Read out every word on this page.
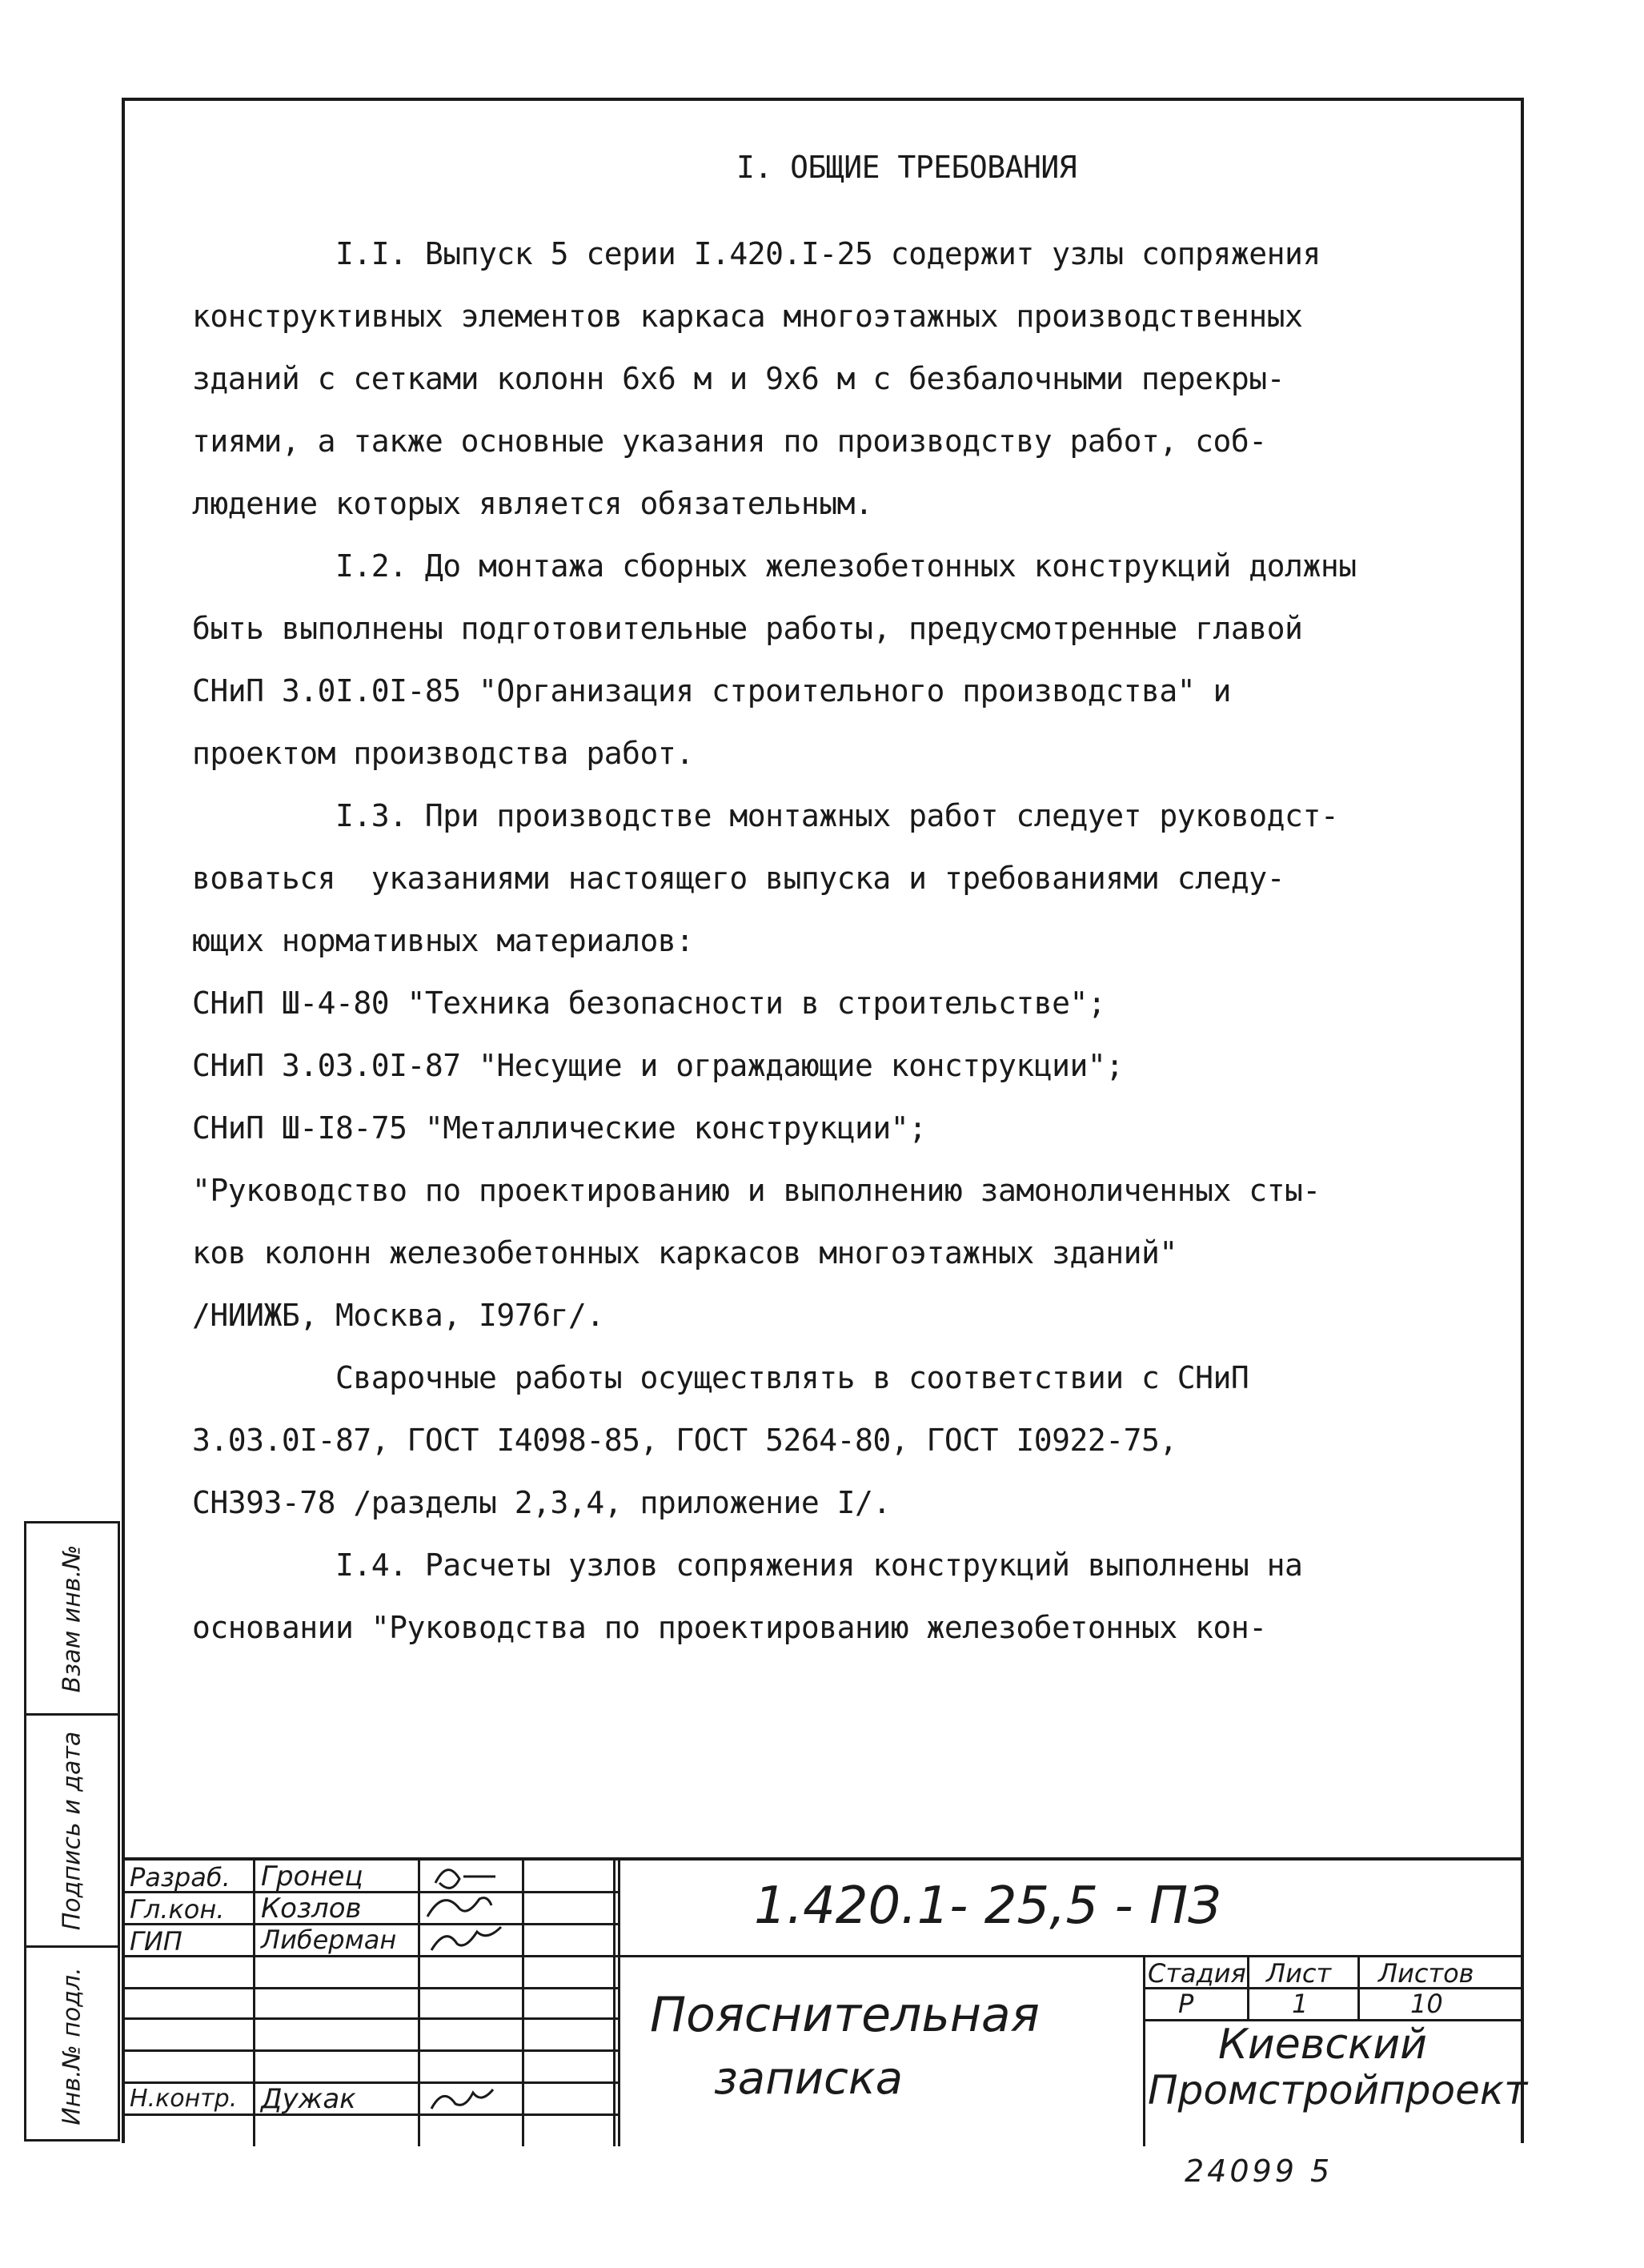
I. ОБЩИЕ ТРЕБОВАНИЯ
I.I. Выпуск 5 серии I.420.I-25 содержит узлы сопряжения
конструктивных элементов каркаса многоэтажных производственных
зданий с сетками колонн 6х6 м и 9х6 м с безбалочными перекры-
тиями, а также основные указания по производству работ, соб-
людение которых является обязательным.
I.2. До монтажа сборных железобетонных конструкций должны
быть выполнены подготовительные работы, предусмотренные главой
СНиП 3.0I.0I-85 "Организация строительного производства" и
проектом производства работ.
I.3. При производстве монтажных работ следует руководст-
воваться  указаниями настоящего выпуска и требованиями следу-
ющих нормативных материалов:
СНиП Ш-4-80 "Техника безопасности в строительстве";
СНиП 3.03.0I-87 "Несущие и ограждающие конструкции";
СНиП Ш-I8-75 "Металлические конструкции";
"Руководство по проектированию и выполнению замоноличенных сты-
ков колонн железобетонных каркасов многоэтажных зданий"
/НИИЖБ, Москва, I976г/.
Сварочные работы осуществлять в соответствии с СНиП
3.03.0I-87, ГОСТ I4098-85, ГОСТ 5264-80, ГОСТ I0922-75,
СН393-78 /разделы 2,3,4, приложение I/.
I.4. Расчеты узлов сопряжения конструкций выполнены на
основании "Руководства по проектированию железобетонных кон-
Взам инв.№
Подпись и дата
Инв.№ подл.
Разраб.
Гл.кон.
ГИП
Н.контр.
Гронец
Козлов
Либерман
Дужак
1.420.1- 25,5 - ПЗ
Пояснительная
записка
Стадия Лист Листов
Р	1	10
Киевский
Промстройпроект
24099 5
